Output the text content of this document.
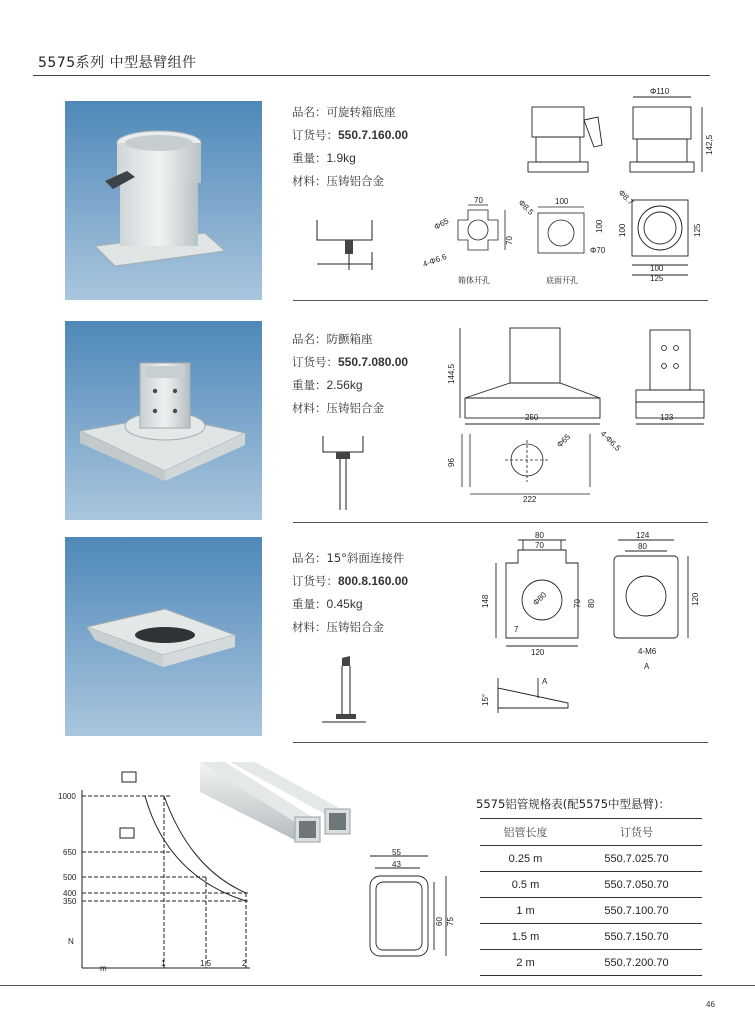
5575系列 中型悬臂组件
品名：可旋转箱底座
订货号：550.7.160.00
重量：1.9kg
材料：压铸铝合金
Φ110
142,5
70
70
Φ65
4-Φ6.6
箱体开孔
100
Φ8.5
Φ70
100
底面开孔
100
125
Φ8.7
100	125
品名：防颤箱座
订货号：550.7.080.00
重量：2.56kg
材料：压铸铝合金
144,5
250	123
Φ65	4-Φ6,5
96
222
品名：15°斜面连接件
订货号：800.8.160.00
重量：0.45kg
材料：压铸铝合金
80
70
Φ80	70 80
148
120
7
124
80
120
4-M6
A
15°
A
1000
650
500
400
350
1	1.5	2
N
m
55
43
60 75
5575铝管规格表(配5575中型悬臂)：
铝管长度	订货号
0.25 m	550.7.025.70
0.5 m	550.7.050.70
1 m	550.7.100.70
1.5 m	550.7.150.70
2 m	550.7.200.70
46
